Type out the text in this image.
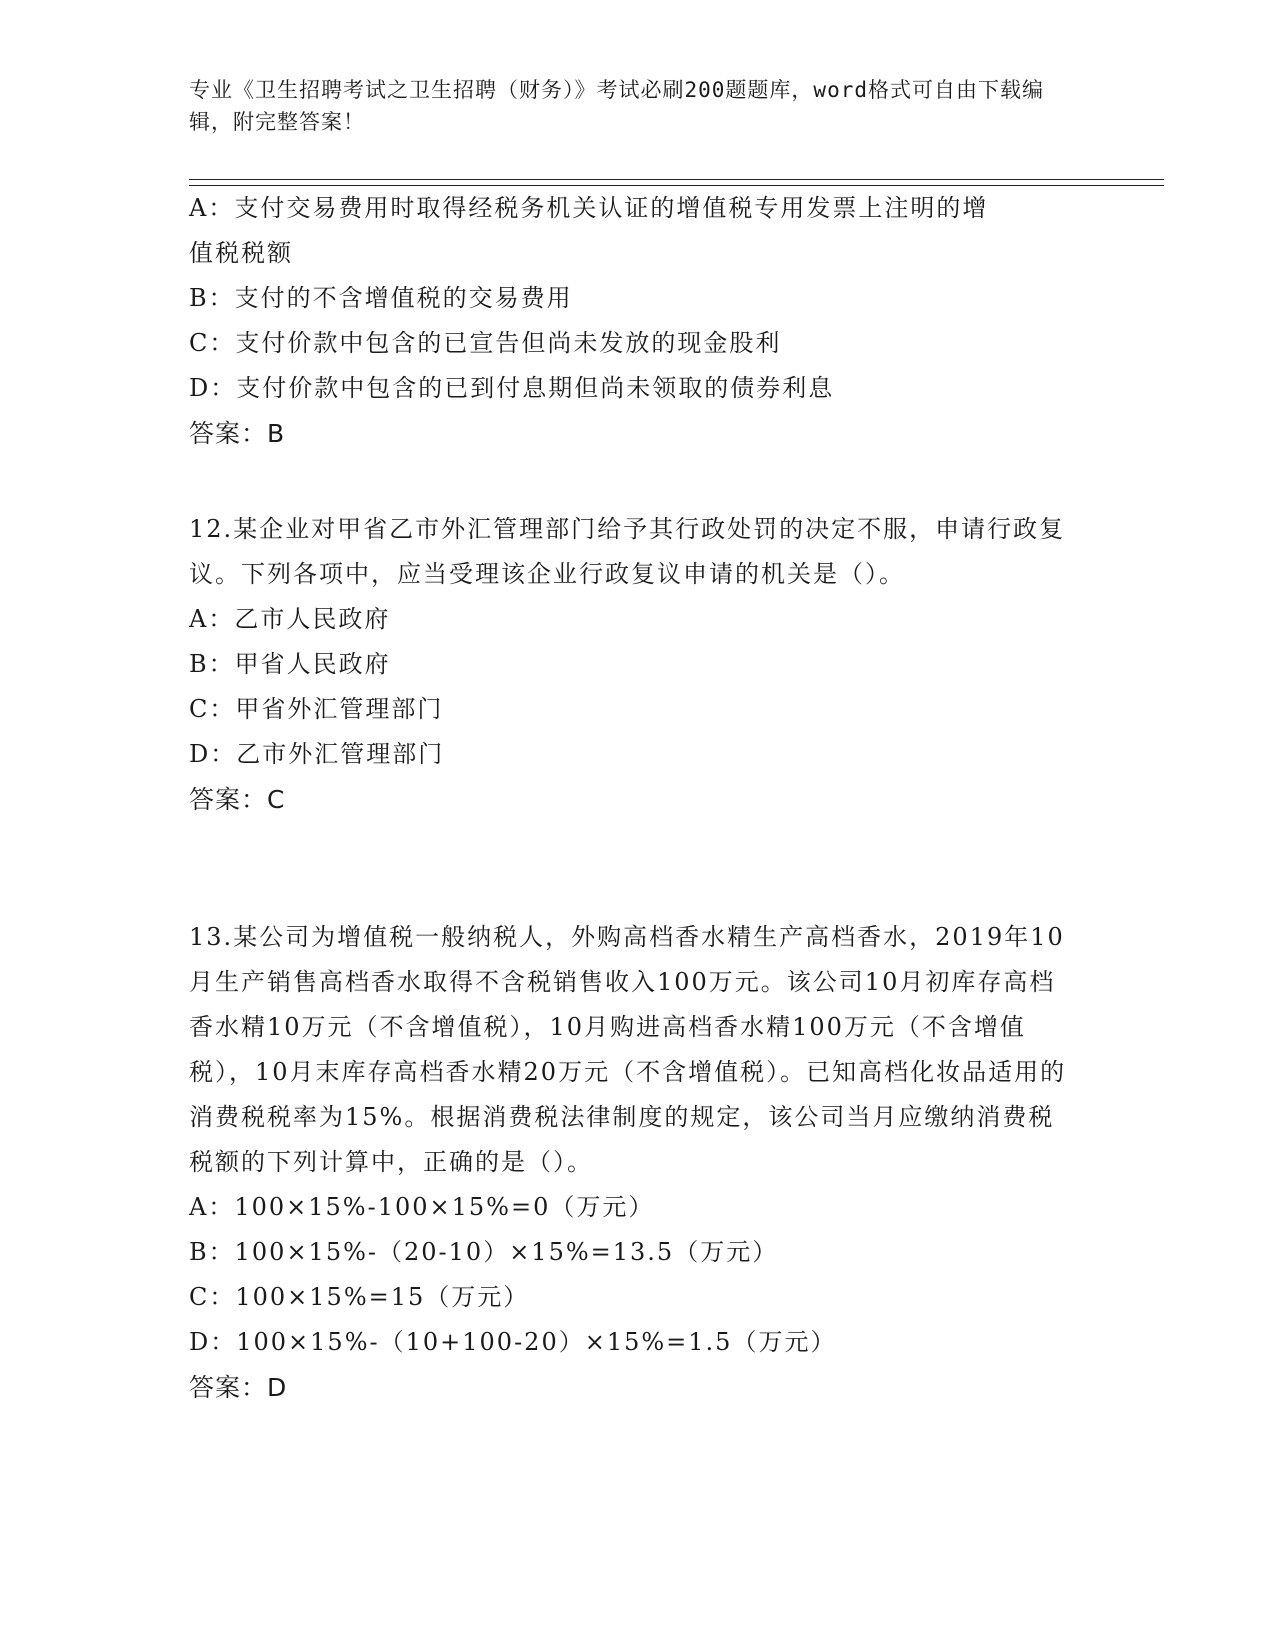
专业《卫生招聘考试之卫生招聘（财务）》考试必刷200题题库，word格式可自由下载编辑，附完整答案！
A：支付交易费用时取得经税务机关认证的增值税专用发票上注明的增
值税税额
B：支付的不含增值税的交易费用
C：支付价款中包含的已宣告但尚未发放的现金股利
D：支付价款中包含的已到付息期但尚未领取的债券利息
答案：B
12.某企业对甲省乙市外汇管理部门给予其行政处罚的决定不服，申请行政复议。下列各项中，应当受理该企业行政复议申请的机关是（）。
A：乙市人民政府
B：甲省人民政府
C：甲省外汇管理部门
D：乙市外汇管理部门
答案：C
13.某公司为增值税一般纳税人，外购高档香水精生产高档香水，2019年10月生产销售高档香水取得不含税销售收入100万元。该公司10月初库存高档香水精10万元（不含增值税），10月购进高档香水精100万元（不含增值税），10月末库存高档香水精20万元（不含增值税）。已知高档化妆品适用的消费税税率为15%。根据消费税法律制度的规定，该公司当月应缴纳消费税税额的下列计算中，正确的是（）。
A：100×15%-100×15%=0（万元）
B：100×15%-（20-10）×15%=13.5（万元）
C：100×15%=15（万元）
D：100×15%-（10+100-20）×15%=1.5（万元）
答案：D
